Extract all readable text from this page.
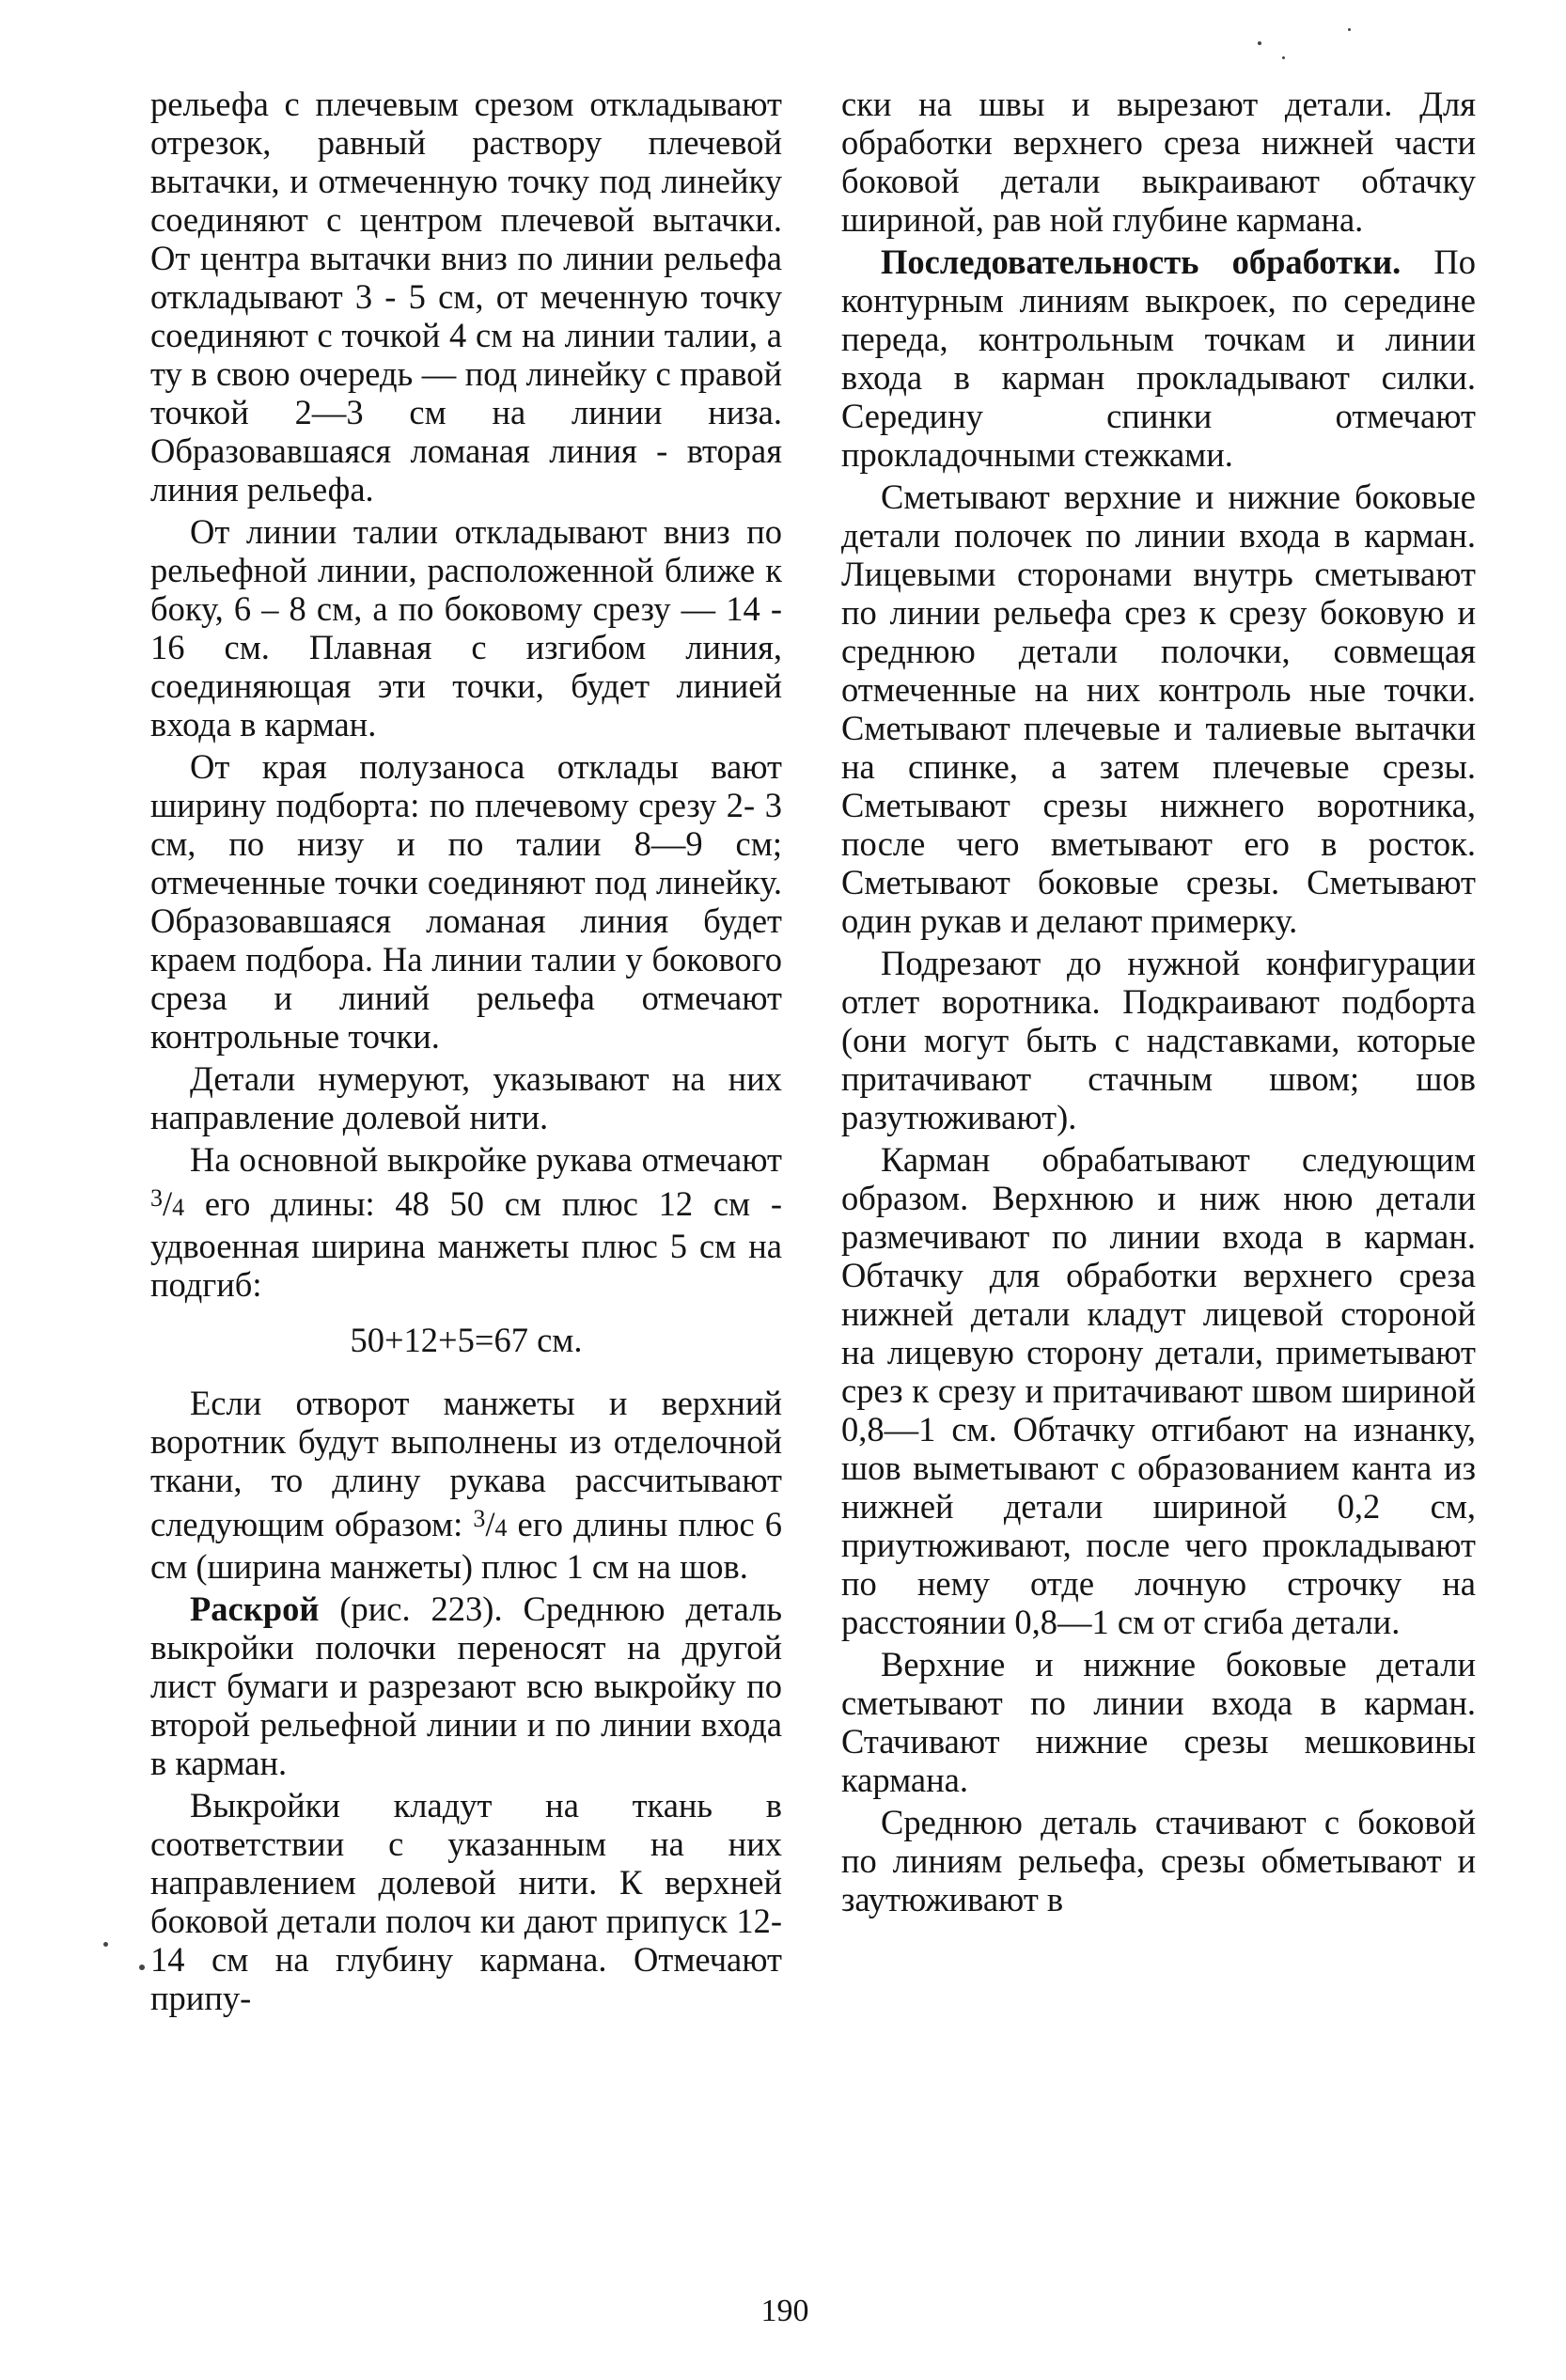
рельефа с плечевым срезом откладывают отрезок, равный раствору плечевой вытачки, и отмеченную точку под линейку соединяют с центром плечевой вытачки. От центра вытачки вниз по линии рельефа откладывают 3 - 5 см, от меченную точку соединяют с точкой 4 см на линии талии, а ту в свою очередь — под линейку с правой точкой 2—3 см на линии низа. Образовавшаяся ломаная линия - вторая линия рельефа.

От линии талии откладывают вниз по рельефной линии, расположенной ближе к боку, 6 – 8 см, а по боковому срезу — 14 - 16 см. Плавная с изгибом линия, соединяющая эти точки, будет линией входа в карман.

От края полузаноса отклады вают ширину подборта: по плечевому срезу 2- 3 см, по низу и по талии 8—9 см; отмеченные точки соединяют под линейку. Образовавшаяся ломаная линия будет краем подбора. На линии талии у бокового среза и линий рельефа отмечают контрольные точки.

Детали нумеруют, указывают на них направление долевой нити.

На основной выкройке рукава отмечают $^3$/4 его длины: 48 50 см плюс 12 см - удвоенная ширина манжеты плюс 5 см на подгиб:

50+12+5=67 см.

Если отворот манжеты и верхний воротник будут выполнены из отделочной ткани, то длину рукава рассчитывают следующим образом: $^3$/4 его длины плюс 6 см (ширина манжеты) плюс 1 см на шов.

Раскрой (рис. 223). Среднюю деталь выкройки полочки переносят на другой лист бумаги и разрезают всю выкройку по второй рельефной линии и по линии входа в карман.

Выкройки кладут на ткань в соответствии с указанным на них направлением долевой нити. К верхней боковой детали полоч ки дают припуск 12- 14 см на глубину кармана. Отмечают припу-

ски на швы и вырезают детали. Для обработки верхнего среза нижней части боковой детали выкраивают обтачку шириной, рав ной глубине кармана.

Последовательность обработки. По контурным линиям выкроек, по середине переда, контрольным точкам и линии входа в карман прокладывают силки. Середину спинки отмечают прокладочными стежками.

Сметывают верхние и нижние боковые детали полочек по линии входа в карман. Лицевыми сторонами внутрь сметывают по линии рельефа срез к срезу боковую и среднюю детали полочки, совмещая отмеченные на них контроль ные точки. Сметывают плечевые и талиевые вытачки на спинке, а затем плечевые срезы. Сметывают срезы нижнего воротника, после чего вметывают его в росток. Сметывают боковые срезы. Сметывают один рукав и делают примерку.

Подрезают до нужной конфигурации отлет воротника. Подкраивают подборта (они могут быть с надставками, которые притачивают стачным швом; шов разутюживают).

Карман обрабатывают следующим образом. Верхнюю и ниж нюю детали размечивают по линии входа в карман. Обтачку для обработки верхнего среза нижней детали кладут лицевой стороной на лицевую сторону детали, приметывают срез к срезу и притачивают швом шириной 0,8—1 см. Обтачку отгибают на изнанку, шов выметывают с образованием канта из нижней детали шириной 0,2 см, приутюживают, после чего прокладывают по нему отде лочную строчку на расстоянии 0,8—1 см от сгиба детали.

Верхние и нижние боковые детали сметывают по линии входа в карман. Стачивают нижние срезы мешковины кармана.

Среднюю деталь стачивают с боковой по линиям рельефа, срезы обметывают и заутюживают в

190
